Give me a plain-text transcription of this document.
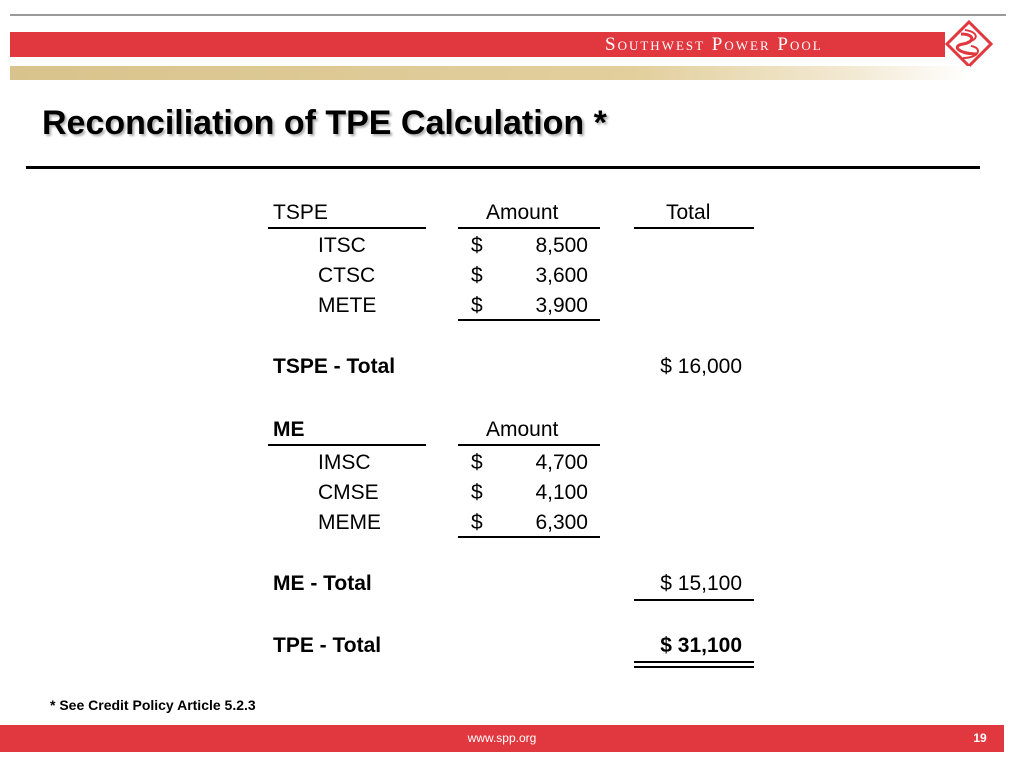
Southwest Power Pool
Reconciliation of TPE Calculation *
TSPE	Amount	Total
ITSC	$	8,500
CTSC	$	3,600
METE	$	3,900
TSPE - Total	$ 16,000
ME	Amount
IMSC	$	4,700
CMSE	$	4,100
MEME	$	6,300
ME - Total	$ 15,100
TPE - Total	$ 31,100
* See Credit Policy Article 5.2.3
www.spp.org	19
